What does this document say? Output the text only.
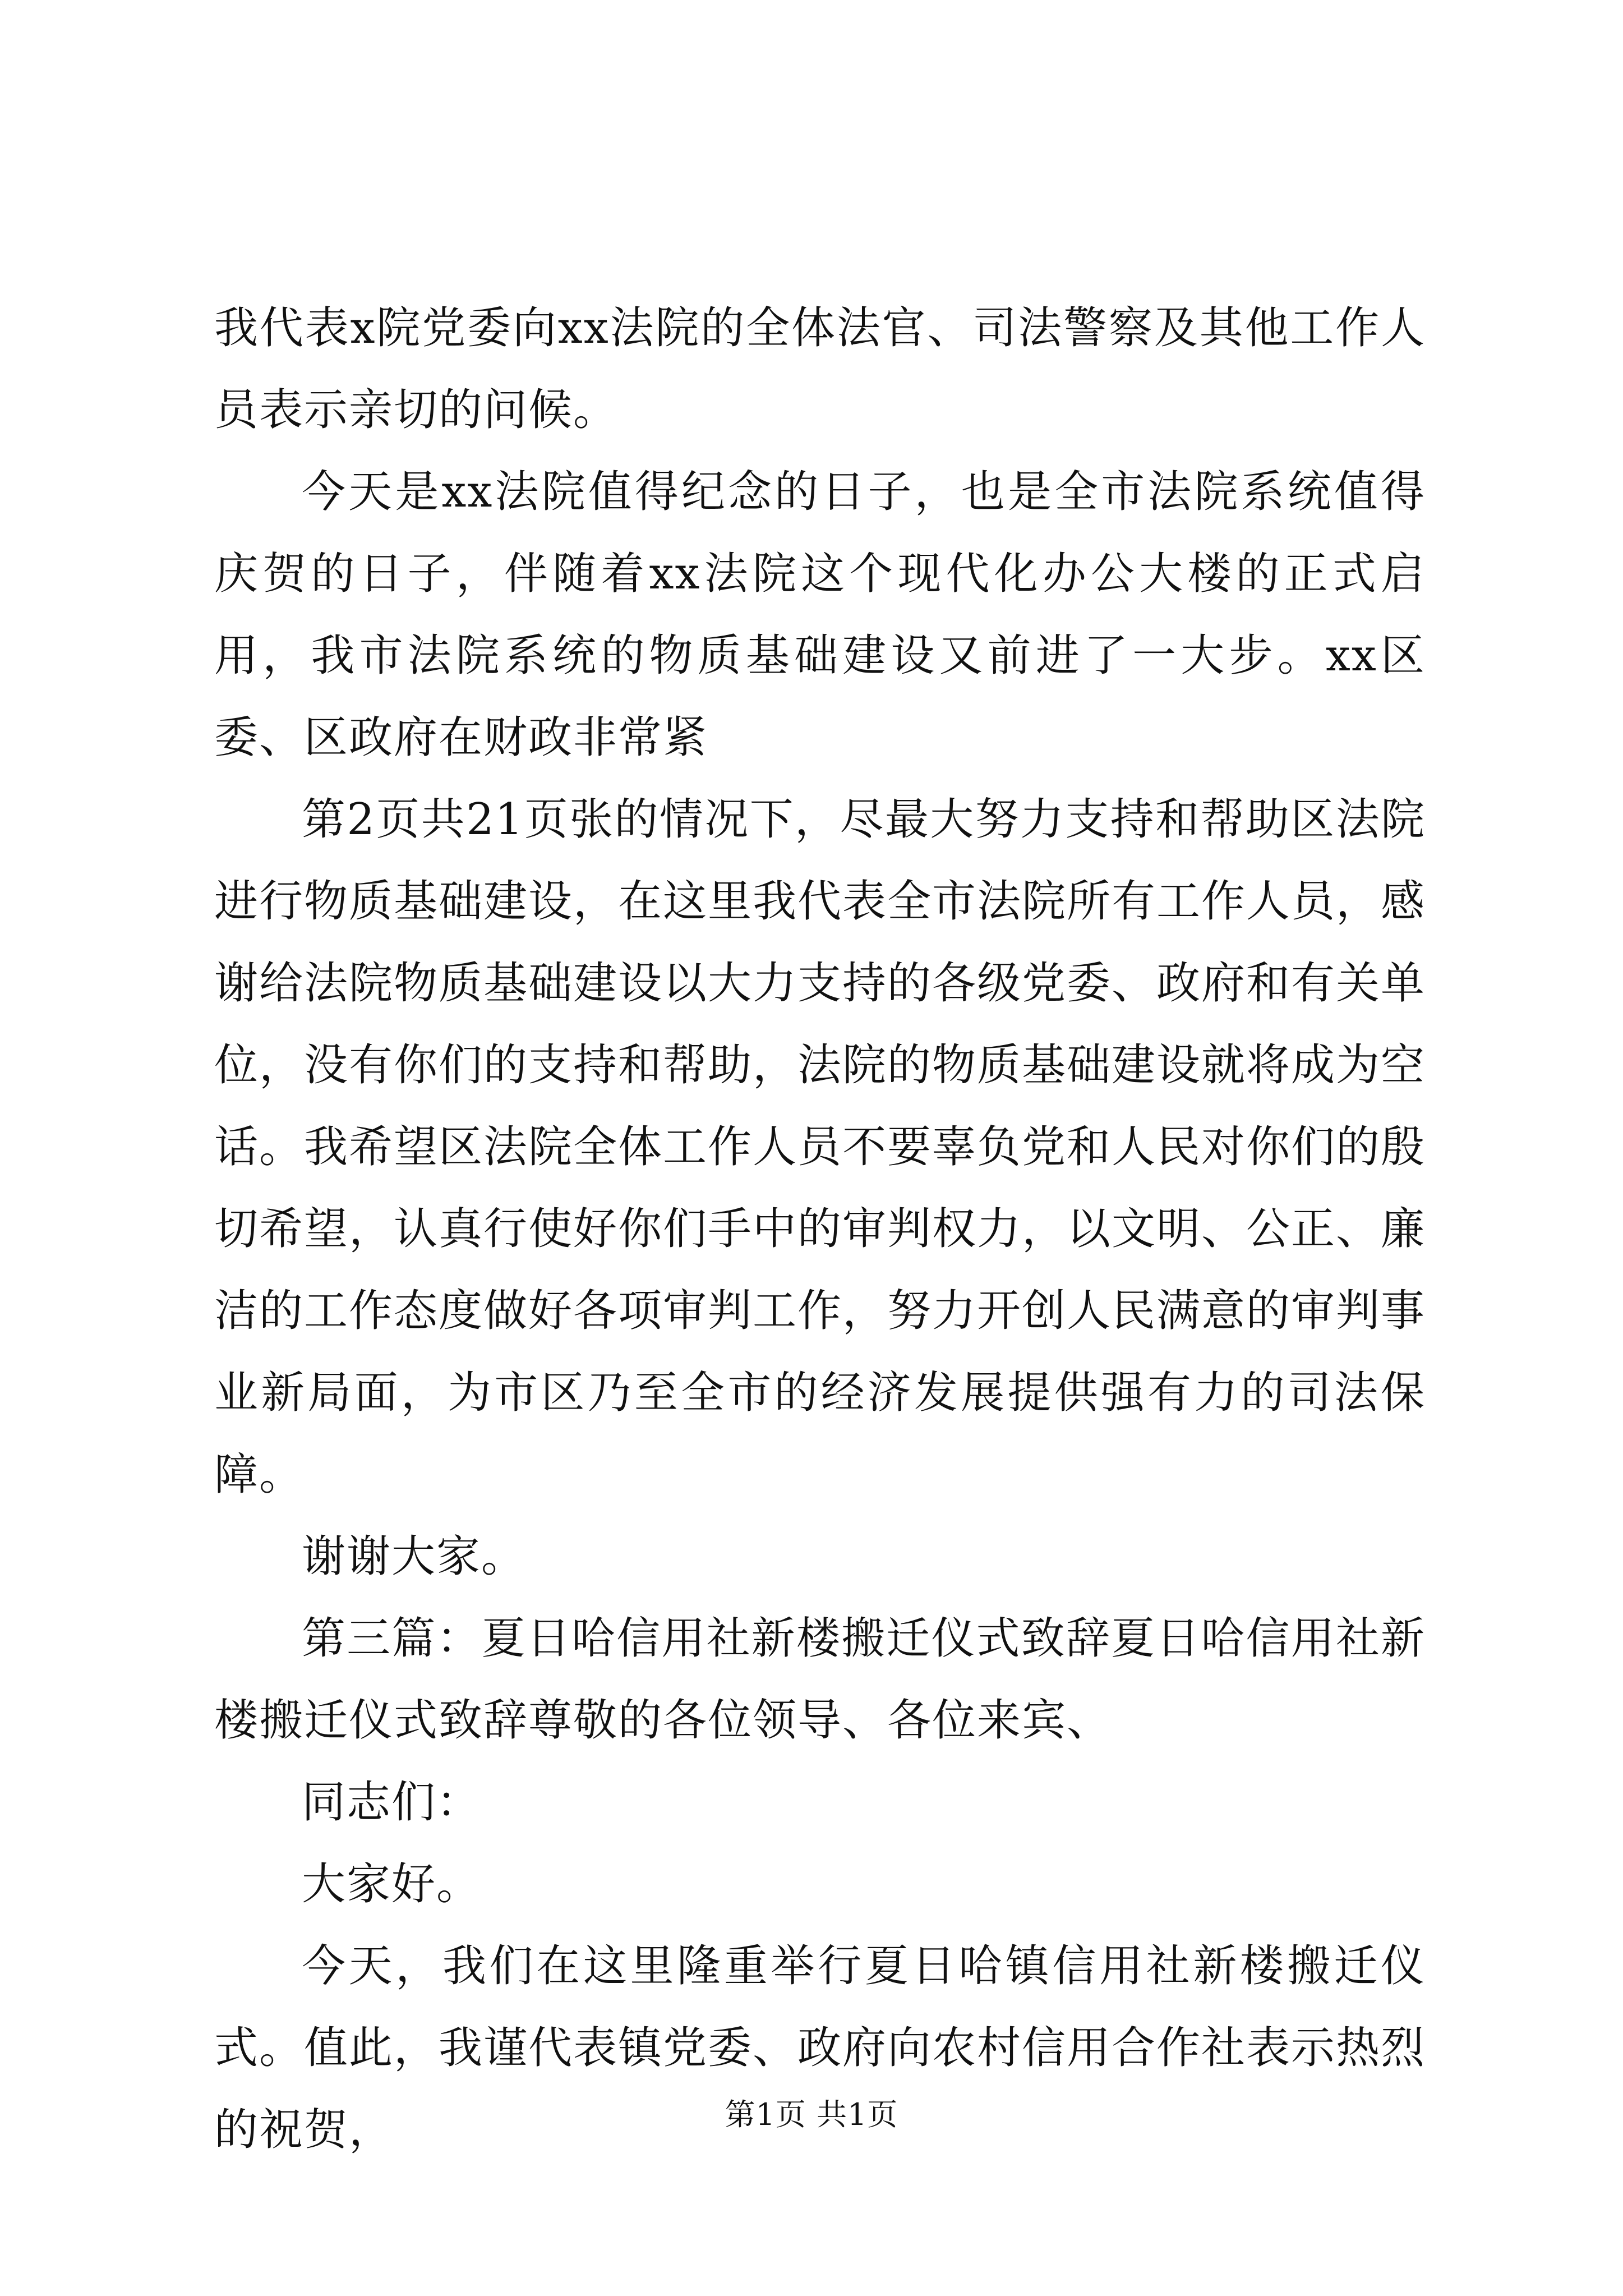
我代表x院党委向xx法院的全体法官、司法警察及其他工作人员表示亲切的问候。

今天是xx法院值得纪念的日子，也是全市法院系统值得庆贺的日子，伴随着xx法院这个现代化办公大楼的正式启用，我市法院系统的物质基础建设又前进了一大步。xx区委、区政府在财政非常紧

第2页共21页张的情况下，尽最大努力支持和帮助区法院进行物质基础建设，在这里我代表全市法院所有工作人员，感谢给法院物质基础建设以大力支持的各级党委、政府和有关单位，没有你们的支持和帮助，法院的物质基础建设就将成为空话。我希望区法院全体工作人员不要辜负党和人民对你们的殷切希望，认真行使好你们手中的审判权力，以文明、公正、廉洁的工作态度做好各项审判工作，努力开创人民满意的审判事业新局面，为市区乃至全市的经济发展提供强有力的司法保障。

谢谢大家。

第三篇：夏日哈信用社新楼搬迁仪式致辞夏日哈信用社新楼搬迁仪式致辞尊敬的各位领导、各位来宾、

同志们：

大家好。

今天，我们在这里隆重举行夏日哈镇信用社新楼搬迁仪式。值此，我谨代表镇党委、政府向农村信用合作社表示热烈的祝贺，	第1页 共1页
